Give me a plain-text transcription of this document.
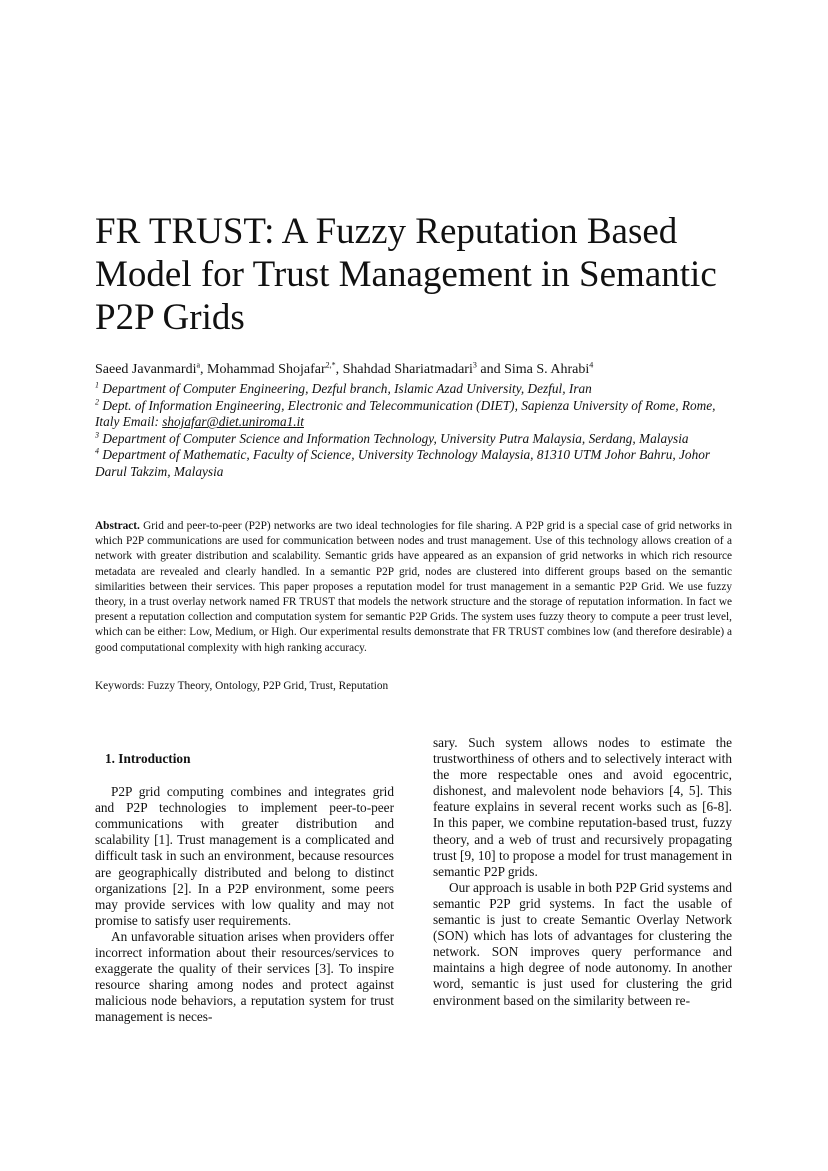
FR TRUST: A Fuzzy Reputation Based
Model for Trust Management in Semantic
P2P Grids
Saeed Javanmardi$^a$, Mohammad Shojafar$^{2,*}$, Shahdad Shariatmadari$^3$ and Sima S. Ahrabi$^4$
$^1$ Department of Computer Engineering, Dezful branch, Islamic Azad University, Dezful, Iran
$^2$ Dept. of Information Engineering, Electronic and Telecommunication (DIET), Sapienza University of Rome, Rome, Italy Email: shojafar@diet.uniroma1.it
$^3$ Department of Computer Science and Information Technology, University Putra Malaysia, Serdang, Malaysia
$^4$ Department of Mathematic, Faculty of Science, University Technology Malaysia, 81310 UTM Johor Bahru, Johor Darul Takzim, Malaysia

Abstract. Grid and peer-to-peer (P2P) networks are two ideal technologies for file sharing. A P2P grid is a special case of grid networks in which P2P communications are used for communication between nodes and trust management. Use of this technology allows creation of a network with greater distribution and scalability. Semantic grids have appeared as an expansion of grid networks in which rich resource metadata are revealed and clearly handled. In a semantic P2P grid, nodes are clustered into different groups based on the semantic similarities between their services. This paper proposes a reputation model for trust management in a semantic P2P Grid. We use fuzzy theory, in a trust overlay network named FR TRUST that models the network structure and the storage of reputation information. In fact we present a reputation collection and computation system for semantic P2P Grids. The system uses fuzzy theory to compute a peer trust level, which can be either: Low, Medium, or High. Our experimental results demonstrate that FR TRUST combines low (and therefore desirable) a good computational complexity with high ranking accuracy.

Keywords: Fuzzy Theory, Ontology, P2P Grid, Trust, Reputation
1. Introduction

P2P grid computing combines and integrates grid and P2P technologies to implement peer-to-peer communications with greater distribution and scalability [1]. Trust management is a complicated and difficult task in such an environment, because resources are geographically distributed and belong to distinct organizations [2]. In a P2P environment, some peers may provide services with low quality and may not promise to satisfy user requirements.

An unfavorable situation arises when providers offer incorrect information about their resources/services to exaggerate the quality of their services [3]. To inspire resource sharing among nodes and protect against malicious node behaviors, a reputation system for trust management is neces-

sary. Such system allows nodes to estimate the trustworthiness of others and to selectively interact with the more respectable ones and avoid egocentric, dishonest, and malevolent node behaviors [4, 5]. This feature explains in several recent works such as [6-8]. In this paper, we combine reputation-based trust, fuzzy theory, and a web of trust and recursively propagating trust [9, 10] to propose a model for trust management in semantic P2P grids.

Our approach is usable in both P2P Grid systems and semantic P2P grid systems. In fact the usable of semantic is just to create Semantic Overlay Network (SON) which has lots of advantages for clustering the network. SON improves query performance and maintains a high degree of node autonomy. In another word, semantic is just used for clustering the grid environment based on the similarity between re-
